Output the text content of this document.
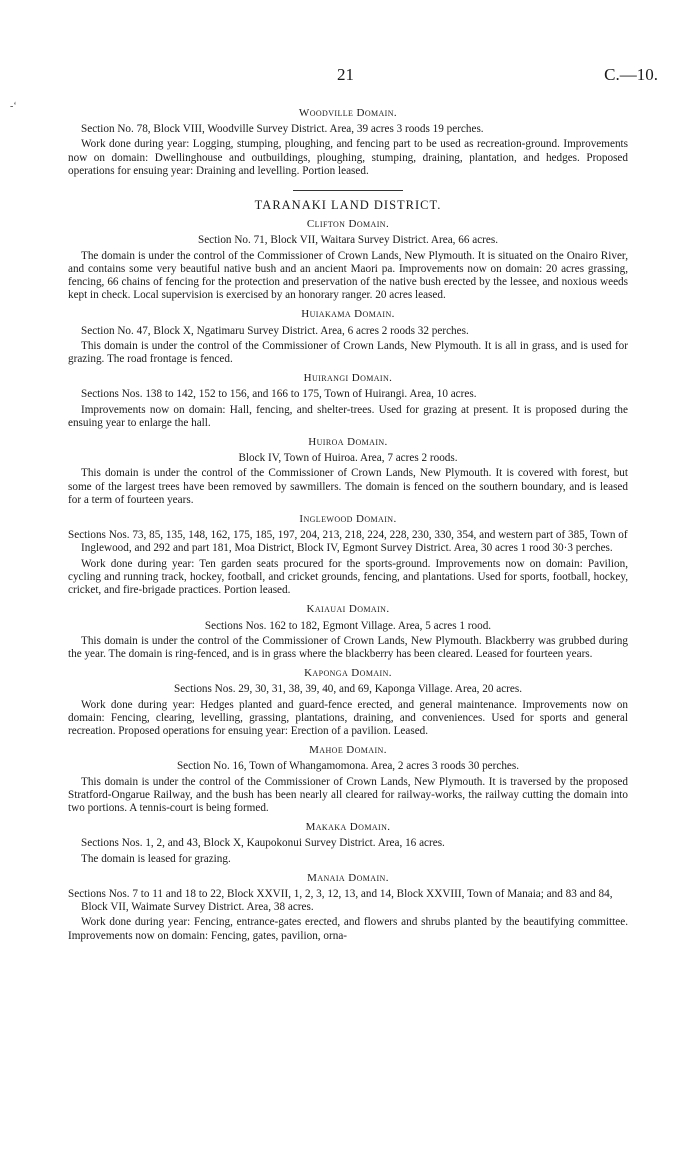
-‘
21	C.—10.
Woodville Domain.

Section No. 78, Block VIII, Woodville Survey District. Area, 39 acres 3 roods 19 perches.

Work done during year: Logging, stumping, ploughing, and fencing part to be used as recreation-ground. Improvements now on domain: Dwellinghouse and outbuildings, ploughing, stumping, draining, plantation, and hedges. Proposed operations for ensuing year: Draining and levelling. Portion leased.

TARANAKI LAND DISTRICT.
Clifton Domain.

Section No. 71, Block VII, Waitara Survey District. Area, 66 acres.

The domain is under the control of the Commissioner of Crown Lands, New Plymouth. It is situated on the Onairo River, and contains some very beautiful native bush and an ancient Maori pa. Improvements now on domain: 20 acres grassing, fencing, 66 chains of fencing for the protection and preservation of the native bush erected by the lessee, and noxious weeds kept in check. Local supervision is exercised by an honorary ranger. 20 acres leased.

Huiakama Domain.

Section No. 47, Block X, Ngatimaru Survey District. Area, 6 acres 2 roods 32 perches.

This domain is under the control of the Commissioner of Crown Lands, New Plymouth. It is all in grass, and is used for grazing. The road frontage is fenced.

Huirangi Domain.

Sections Nos. 138 to 142, 152 to 156, and 166 to 175, Town of Huirangi. Area, 10 acres.

Improvements now on domain: Hall, fencing, and shelter-trees. Used for grazing at present. It is proposed during the ensuing year to enlarge the hall.

Huiroa Domain.

Block IV, Town of Huiroa. Area, 7 acres 2 roods.

This domain is under the control of the Commissioner of Crown Lands, New Plymouth. It is covered with forest, but some of the largest trees have been removed by sawmillers. The domain is fenced on the southern boundary, and is leased for a term of fourteen years.

Inglewood Domain.

Sections Nos. 73, 85, 135, 148, 162, 175, 185, 197, 204, 213, 218, 224, 228, 230, 330, 354, and western part of 385, Town of Inglewood, and 292 and part 181, Moa District, Block IV, Egmont Survey District. Area, 30 acres 1 rood 30·3 perches.

Work done during year: Ten garden seats procured for the sports-ground. Improvements now on domain: Pavilion, cycling and running track, hockey, football, and cricket grounds, fencing, and plantations. Used for sports, football, hockey, cricket, and fire-brigade practices. Portion leased.

Kaiauai Domain.

Sections Nos. 162 to 182, Egmont Village. Area, 5 acres 1 rood.

This domain is under the control of the Commissioner of Crown Lands, New Plymouth. Blackberry was grubbed during the year. The domain is ring-fenced, and is in grass where the blackberry has been cleared. Leased for fourteen years.

Kaponga Domain.

Sections Nos. 29, 30, 31, 38, 39, 40, and 69, Kaponga Village. Area, 20 acres.

Work done during year: Hedges planted and guard-fence erected, and general maintenance. Improvements now on domain: Fencing, clearing, levelling, grassing, plantations, draining, and conveniences. Used for sports and general recreation. Proposed operations for ensuing year: Erection of a pavilion. Leased.

Mahoe Domain.

Section No. 16, Town of Whangamomona. Area, 2 acres 3 roods 30 perches.

This domain is under the control of the Commissioner of Crown Lands, New Plymouth. It is traversed by the proposed Stratford-Ongarue Railway, and the bush has been nearly all cleared for railway-works, the railway cutting the domain into two portions. A tennis-court is being formed.

Makaka Domain.

Sections Nos. 1, 2, and 43, Block X, Kaupokonui Survey District. Area, 16 acres.

The domain is leased for grazing.

Manaia Domain.

Sections Nos. 7 to 11 and 18 to 22, Block XXVII, 1, 2, 3, 12, 13, and 14, Block XXVIII, Town of Manaia; and 83 and 84, Block VII, Waimate Survey District. Area, 38 acres.

Work done during year: Fencing, entrance-gates erected, and flowers and shrubs planted by the beautifying committee. Improvements now on domain: Fencing, gates, pavilion, orna-
